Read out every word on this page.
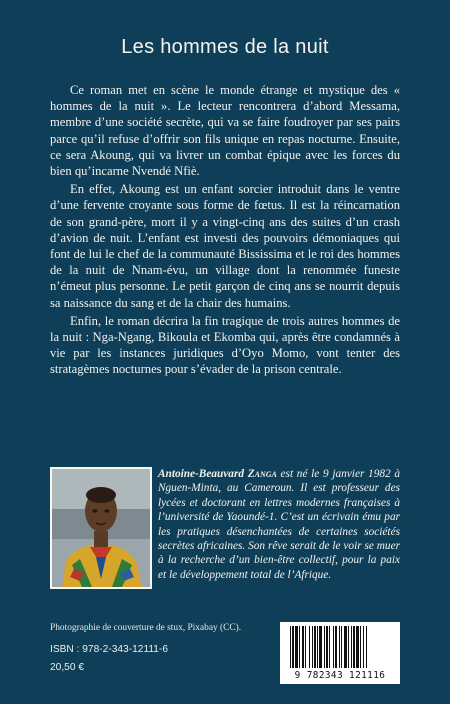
Les hommes de la nuit

Ce roman met en scène le monde étrange et mystique des « hommes de la nuit ». Le lecteur rencontrera d’abord Messama, membre d’une société secrète, qui va se faire foudroyer par ses pairs parce qu’il refuse d’offrir son fils unique en repas nocturne. Ensuite, ce sera Akoung, qui va livrer un combat épique avec les forces du bien qu’incarne Nvendé Nfiè.

En effet, Akoung est un enfant sorcier introduit dans le ventre d’une fervente croyante sous forme de fœtus. Il est la réincarnation de son grand-père, mort il y a vingt-cinq ans des suites d’un crash d’avion de nuit. L’enfant est investi des pouvoirs démoniaques qui font de lui le chef de la communauté Bississima et le roi des hommes de la nuit de Nnam-évu, un village dont la renommée funeste n’émeut plus personne. Le petit garçon de cinq ans se nourrit depuis sa naissance du sang et de la chair des humains.

Enfin, le roman décrira la fin tragique de trois autres hommes de la nuit : Nga-Ngang, Bikoula et Ekomba qui, après être condamnés à vie par les instances juridiques d’Oyo Momo, vont tenter des stratagèmes nocturnes pour s’évader de la prison centrale.

Antoine-Beauvard Zanga est né le 9 janvier 1982 à Nguen-Minta, au Cameroun. Il est professeur des lycées et doctorant en lettres modernes françaises à l’université de Yaoundé-1. C’est un écrivain ému par les pratiques désenchantées de certaines sociétés secrètes africaines. Son rêve serait de le voir se muer à la recherche d’un bien-être collectif, pour la paix et le développement total de l’Afrique.
Photographie de couverture de stux, Pixabay (CC).
ISBN : 978-2-343-12111-6
20,50 €
9 782343 121116
